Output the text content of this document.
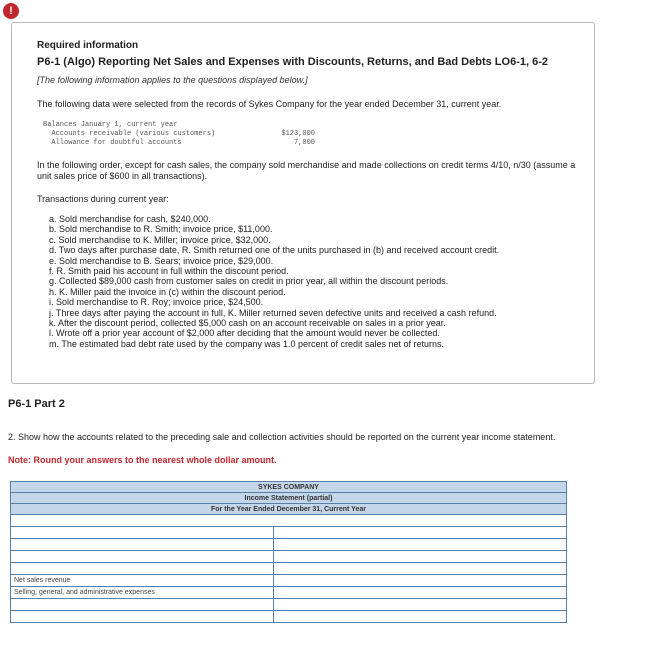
!
Required information
P6-1 (Algo) Reporting Net Sales and Expenses with Discounts, Returns, and Bad Debts LO6-1, 6-2
[The following information applies to the questions displayed below.]
The following data were selected from the records of Sykes Company for the year ended December 31, current year.
Balances January 1, current year
Accounts receivable (various customers)	$123,000
Allowance for doubtful accounts	7,000
In the following order, except for cash sales, the company sold merchandise and made collections on credit terms 4/10, n/30 (assume a unit sales price of $600 in all transactions).
Transactions during current year:
a. Sold merchandise for cash, $240,000.
b. Sold merchandise to R. Smith; invoice price, $11,000.
c. Sold merchandise to K. Miller; invoice price, $32,000.
d. Two days after purchase date, R. Smith returned one of the units purchased in (b) and received account credit.
e. Sold merchandise to B. Sears; invoice price, $29,000.
f. R. Smith paid his account in full within the discount period.
g. Collected $89,000 cash from customer sales on credit in prior year, all within the discount periods.
h. K. Miller paid the invoice in (c) within the discount period.
i. Sold merchandise to R. Roy; invoice price, $24,500.
j. Three days after paying the account in full, K. Miller returned seven defective units and received a cash refund.
k. After the discount period, collected $5,000 cash on an account receivable on sales in a prior year.
l. Wrote off a prior year account of $2,000 after deciding that the amount would never be collected.
m. The estimated bad debt rate used by the company was 1.0 percent of credit sales net of returns.
P6-1 Part 2
2. Show how the accounts related to the preceding sale and collection activities should be reported on the current year income statement.
Note: Round your answers to the nearest whole dollar amount.
SYKES COMPANY	
Income Statement (partial)	
For the Year Ended December 31, Current Year	

Net sales revenue	
Selling, general, and administrative expenses	
